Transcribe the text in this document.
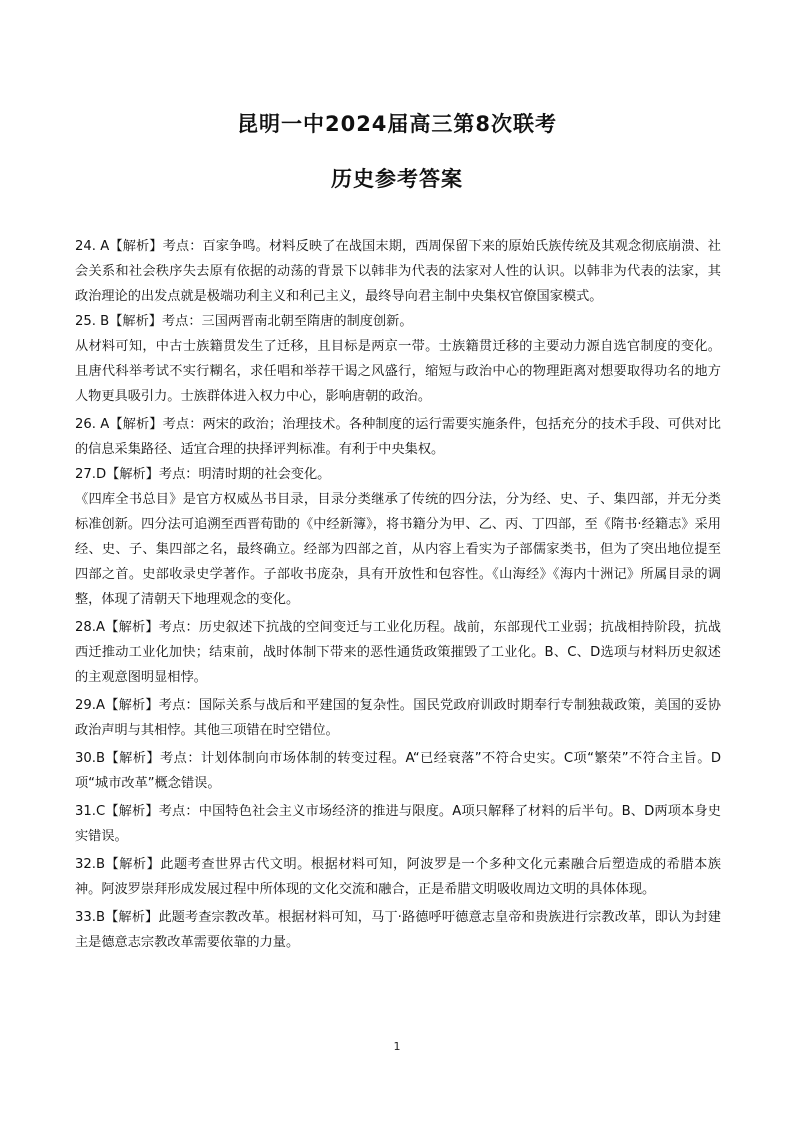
昆明一中2024届高三第8次联考
历史参考答案

24. A【解析】考点：百家争鸣。材料反映了在战国末期，西周保留下来的原始氏族传统及其观念彻底崩溃、社会关系和社会秩序失去原有依据的动荡的背景下以韩非为代表的法家对人性的认识。以韩非为代表的法家，其政治理论的出发点就是极端功利主义和利己主义，最终导向君主制中央集权官僚国家模式。

25. B【解析】考点：三国两晋南北朝至隋唐的制度创新。

从材料可知，中古士族籍贯发生了迁移，且目标是两京一带。士族籍贯迁移的主要动力源自选官制度的变化。且唐代科举考试不实行糊名，求任唱和举荐干谒之风盛行，缩短与政治中心的物理距离对想要取得功名的地方人物更具吸引力。士族群体进入权力中心，影响唐朝的政治。

26. A【解析】考点：两宋的政治；治理技术。各种制度的运行需要实施条件，包括充分的技术手段、可供对比的信息采集路径、适宜合理的抉择评判标准。有利于中央集权。

27.D【解析】考点：明清时期的社会变化。

《四库全书总目》是官方权威丛书目录，目录分类继承了传统的四分法，分为经、史、子、集四部，并无分类标准创新。四分法可追溯至西晋荀勖的《中经新簿》，将书籍分为甲、乙、丙、丁四部，至《隋书·经籍志》采用经、史、子、集四部之名，最终确立。经部为四部之首，从内容上看实为子部儒家类书，但为了突出地位提至四部之首。史部收录史学著作。子部收书庞杂，具有开放性和包容性。《山海经》《海内十洲记》所属目录的调整，体现了清朝天下地理观念的变化。

28.A【解析】考点：历史叙述下抗战的空间变迁与工业化历程。战前，东部现代工业弱；抗战相持阶段，抗战西迁推动工业化加快；结束前，战时体制下带来的恶性通货政策摧毁了工业化。B、C、D选项与材料历史叙述的主观意图明显相悖。

29.A【解析】考点：国际关系与战后和平建国的复杂性。国民党政府训政时期奉行专制独裁政策，美国的妥协政治声明与其相悖。其他三项错在时空错位。

30.B【解析】考点：计划体制向市场体制的转变过程。A“已经衰落”不符合史实。C项“繁荣”不符合主旨。D项“城市改革”概念错误。

31.C【解析】考点：中国特色社会主义市场经济的推进与限度。A项只解释了材料的后半句。B、D两项本身史实错误。

32.B【解析】此题考查世界古代文明。根据材料可知，阿波罗是一个多种文化元素融合后塑造成的希腊本族神。阿波罗崇拜形成发展过程中所体现的文化交流和融合，正是希腊文明吸收周边文明的具体体现。

33.B【解析】此题考查宗教改革。根据材料可知，马丁·路德呼吁德意志皇帝和贵族进行宗教改革，即认为封建主是德意志宗教改革需要依靠的力量。

1
